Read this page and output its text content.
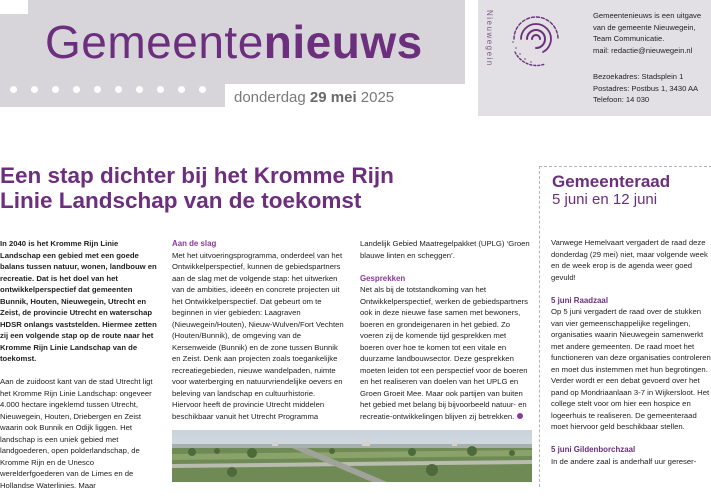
Gemeentenieuws
donderdag 29 mei 2025
Nieuwegein	Gemeentenieuws is een uitgave
van de gemeente Nieuwegein,
Team Communicatie.
mail: redactie@nieuwegein.nl
Bezoekadres: Stadsplein 1
Postadres: Postbus 1, 3430 AA
Telefoon: 14 030
Een stap dichter bij het Kromme Rijn
Linie Landschap van de toekomst

In 2040 is het Kromme Rijn Linie Landschap een gebied met een goede balans tussen natuur, wonen, landbouw en recreatie. Dat is het doel van het ontwikkelperspectief dat gemeenten Bunnik, Houten, Nieuwegein, Utrecht en Zeist, de provincie Utrecht en waterschap HDSR onlangs vaststelden. Hiermee zetten zij een volgende stap op de route naar het Kromme Rijn Linie Landschap van de toekomst.

Aan de zuidoost kant van de stad Utrecht ligt het Kromme Rijn Linie Landschap: ongeveer 4.000 hectare ingeklemd tussen Utrecht, Nieuwegein, Houten, Driebergen en Zeist waarin ook Bunnik en Odijk liggen. Het landschap is een uniek gebied met landgoederen, open polderlandschap, de Kromme Rijn en de Unesco werelderfgoederen van de Limes en de Hollandse Waterlinies. Maar

Aan de slag

Met het uitvoeringsprogramma, onderdeel van het Ontwikkelperspectief, kunnen de gebiedspartners aan de slag met de volgende stap: het uitwerken van de ambities, ideeën en concrete projecten uit het Ontwikkelperspectief. Dat gebeurt om te beginnen in vier gebieden: Laagraven (Nieuwegein/Houten), Nieuw-Wulven/Fort Vechten (Houten/Bunnik), de omgeving van de Kersenweide (Bunnik) en de zone tussen Bunnik en Zeist. Denk aan projecten zoals toegankelijke recreatiegebieden, nieuwe wandelpaden, ruimte voor waterberging en natuurvriendelijke oevers en beleving van landschap en cultuurhistorie. Hiervoor heeft de provincie Utrecht middelen beschikbaar vanuit het Utrecht Programma

Landelijk Gebied Maatregelpakket (UPLG) ‘Groen blauwe linten en scheggen’.

Gesprekken

Net als bij de totstandkoming van het Ontwikkelperspectief, werken de gebiedspartners ook in deze nieuwe fase samen met bewoners, boeren en grondeigenaren in het gebied. Zo voeren zij de komende tijd gesprekken met boeren over hoe te komen tot een vitale en duurzame landbouwsector. Deze gesprekken moeten leiden tot een perspectief voor de boeren en het realiseren van doelen van het UPLG en Groen Groeit Mee. Maar ook partijen van buiten het gebied met belang bij bijvoorbeeld natuur- en recreatie-ontwikkelingen blijven zij betrekken.

Gemeenteraad
5 juni en 12 juni

Vanwege Hemelvaart vergadert de raad deze donderdag (29 mei) niet, maar volgende week en de week erop is de agenda weer goed gevuld!

5 juni Raadzaal

Op 5 juni vergadert de raad over de stukken van vier gemeenschappelijke regelingen, organisaties waarin Nieuwegein samenwerkt met andere gemeenten. De raad moet het functioneren van deze organisaties controleren en moet dus instemmen met hun begrotingen.

Verder wordt er een debat gevoerd over het pand op Mondriaanlaan 3-7 in Wijkersloot. Het college stelt voor om hier een hospice en logeerhuis te realiseren. De gemeenteraad moet hiervoor geld beschikbaar stellen.

5 juni Gildenborchzaal

In de andere zaal is anderhalf uur gereser-
